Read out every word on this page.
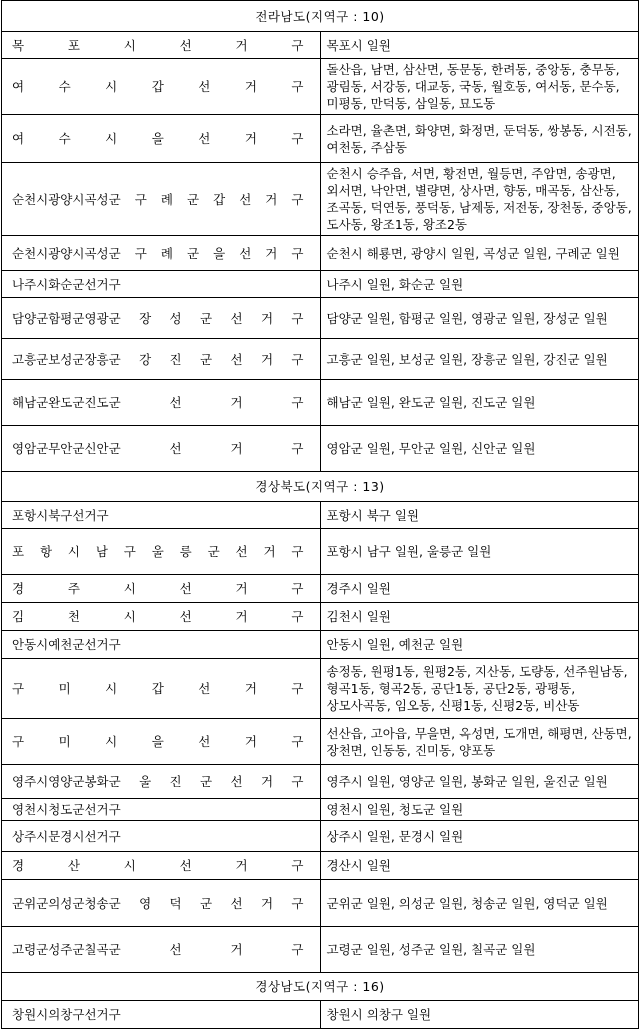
전라남도(지역구 : 10)	
목 포 시 선 거 구	목포시 일원
여 수 시 갑 선 거 구	돌산읍, 남면, 삼산면, 동문동, 한려동, 중앙동, 충무동, 광림동, 서강동, 대교동, 국동, 월호동, 여서동, 문수동, 미평동, 만덕동, 삼일동, 묘도동
여 수 시 을 선 거 구	소라면, 율촌면, 화양면, 화정면, 둔덕동, 쌍봉동, 시전동, 여천동, 주삼동
순천시광양시곡성군 구 례 군 갑 선 거 구	순천시 승주읍, 서면, 황전면, 월등면, 주암면, 송광면, 외서면, 낙안면, 별량면, 상사면, 향동, 매곡동, 삼산동, 조곡동, 덕연동, 풍덕동, 남제동, 저전동, 장천동, 중앙동, 도사동, 왕조1동, 왕조2동
순천시광양시곡성군 구 례 군 을 선 거 구	순천시 해룡면, 광양시 일원, 곡성군 일원, 구례군 일원
나주시화순군선거구	나주시 일원, 화순군 일원
담양군함평군영광군 장 성 군 선 거 구	담양군 일원, 함평군 일원, 영광군 일원, 장성군 일원
고흥군보성군장흥군 강 진 군 선 거 구	고흥군 일원, 보성군 일원, 장흥군 일원, 강진군 일원
해남군완도군진도군 선 거 구	해남군 일원, 완도군 일원, 진도군 일원
영암군무안군신안군 선 거 구	영암군 일원, 무안군 일원, 신안군 일원
경상북도(지역구 : 13)	
포항시북구선거구	포항시 북구 일원
포 항 시 남 구 울 릉 군 선 거 구	포항시 남구 일원, 울릉군 일원
경 주 시 선 거 구	경주시 일원
김 천 시 선 거 구	김천시 일원
안동시예천군선거구	안동시 일원, 예천군 일원
구 미 시 갑 선 거 구	송정동, 원평1동, 원평2동, 지산동, 도량동, 선주원남동, 형곡1동, 형곡2동, 공단1동, 공단2동, 광평동, 상모사곡동, 임오동, 신평1동, 신평2동, 비산동
구 미 시 을 선 거 구	선산읍, 고아읍, 무을면, 옥성면, 도개면, 해평면, 산동면, 장천면, 인동동, 진미동, 양포동
영주시영양군봉화군 울 진 군 선 거 구	영주시 일원, 영양군 일원, 봉화군 일원, 울진군 일원
영천시청도군선거구	영천시 일원, 청도군 일원
상주시문경시선거구	상주시 일원, 문경시 일원
경 산 시 선 거 구	경산시 일원
군위군의성군청송군 영 덕 군 선 거 구	군위군 일원, 의성군 일원, 청송군 일원, 영덕군 일원
고령군성주군칠곡군 선 거 구	고령군 일원, 성주군 일원, 칠곡군 일원
경상남도(지역구 : 16)	
창원시의창구선거구	창원시 의창구 일원
